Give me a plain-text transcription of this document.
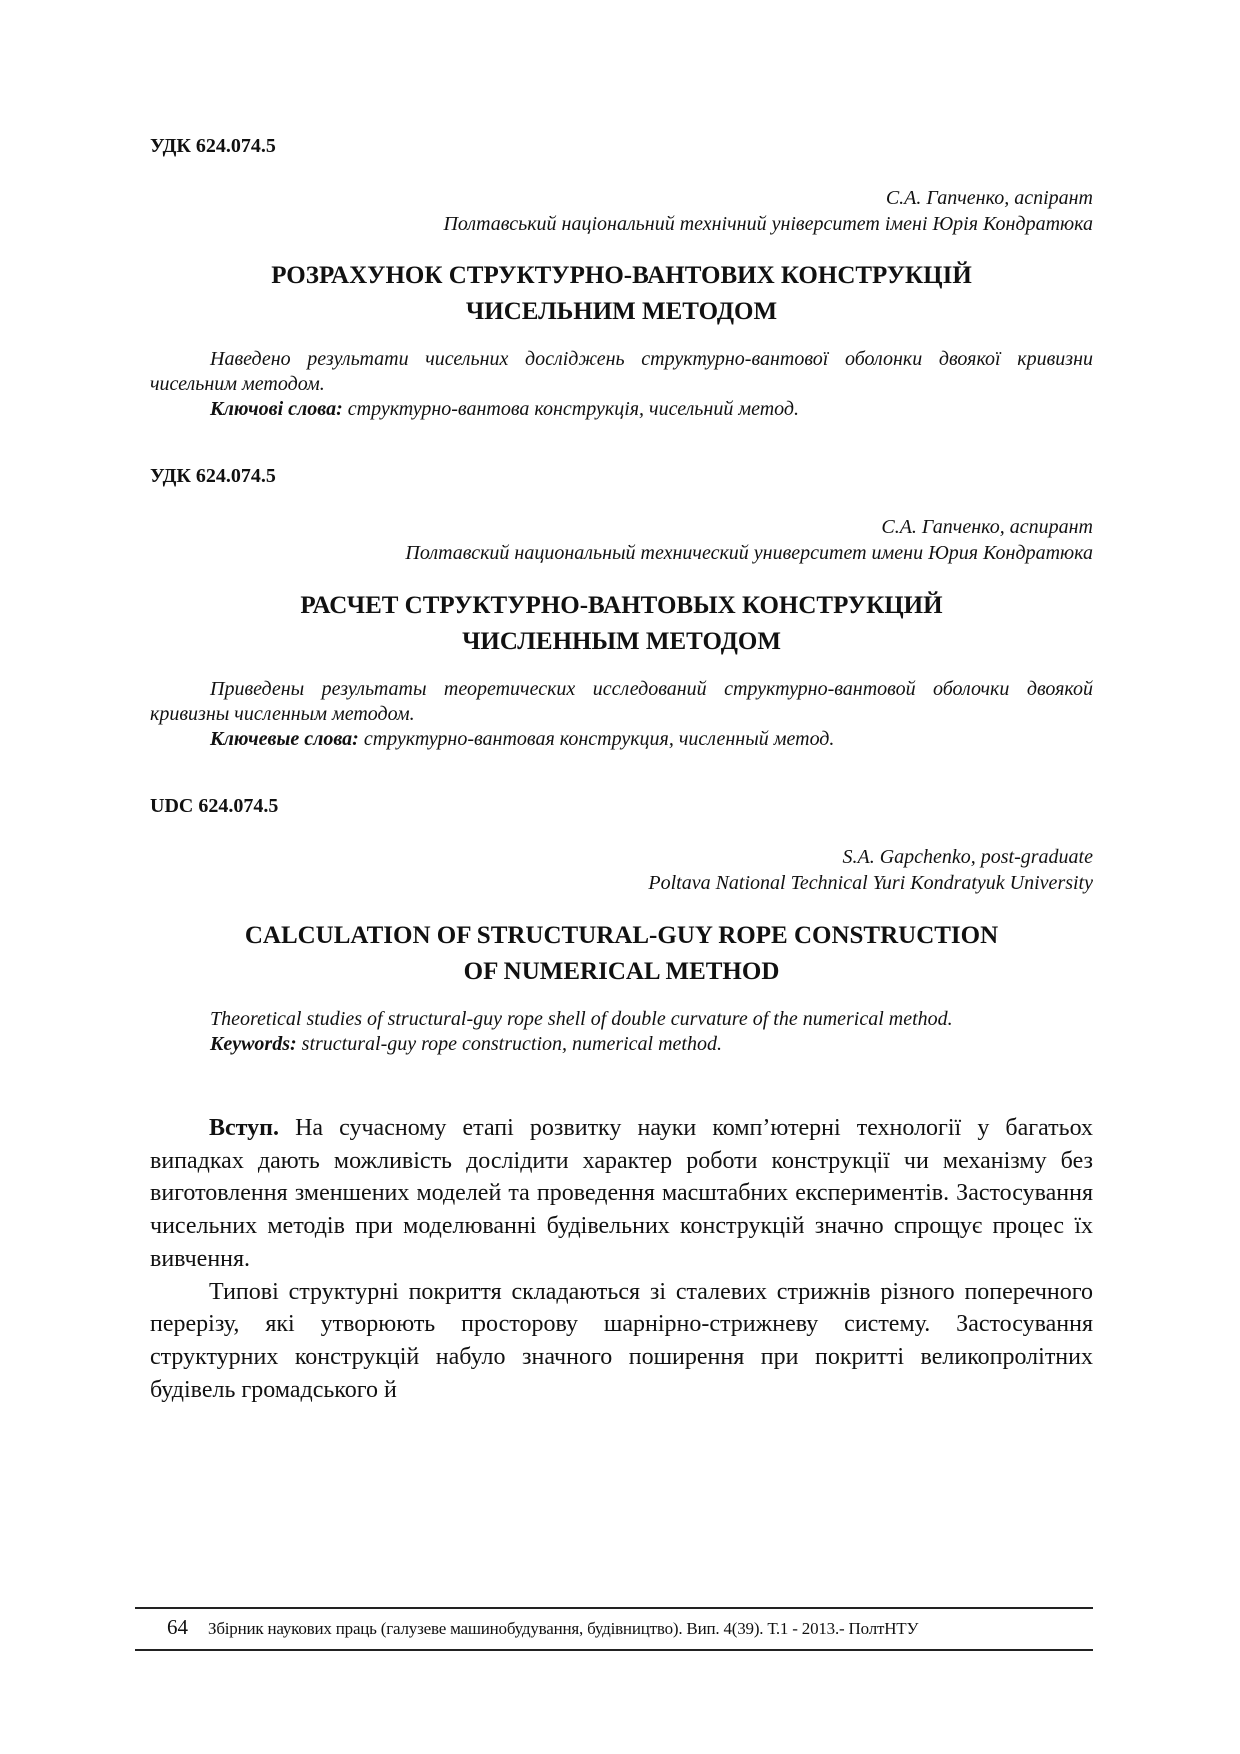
УДК 624.074.5
С.А. Гапченко, аспірант
Полтавський національний технічний університет імені Юрія Кондратюка
РОЗРАХУНОК СТРУКТУРНО-ВАНТОВИХ КОНСТРУКЦІЙ
ЧИСЕЛЬНИМ МЕТОДОМ

Наведено результати чисельних досліджень структурно-вантової оболонки двоякої кривизни чисельним методом.

Ключові слова: структурно-вантова конструкція, чисельний метод.

УДК 624.074.5
С.А. Гапченко, аспирант
Полтавский национальный технический университет имени Юрия Кондратюка
РАСЧЕТ СТРУКТУРНО-ВАНТОВЫХ КОНСТРУКЦИЙ
ЧИСЛЕННЫМ МЕТОДОМ

Приведены результаты теоретических исследований структурно-вантовой оболочки двоякой кривизны численным методом.

Ключевые слова: структурно-вантовая конструкция, численный метод.

UDC 624.074.5
S.A. Gapchenko, post-graduate
Poltava National Technical Yuri Kondratyuk University
CALCULATION OF STRUCTURAL-GUY ROPE CONSTRUCTION
OF NUMERICAL METHOD

Theoretical studies of structural-guy rope shell of double curvature of the numerical method.

Keywords: structural-guy rope construction, numerical method.

Вступ. На сучасному етапі розвитку науки комп’ютерні технології у багатьох випадках дають можливість дослідити характер роботи конструкції чи механізму без виготовлення зменшених моделей та проведення масштабних експериментів. Застосування чисельних методів при моделюванні будівельних конструкцій значно спрощує процес їх вивчення.

Типові структурні покриття складаються зі сталевих стрижнів різного поперечного перерізу, які утворюють просторову шарнірно-стрижневу систему. Застосування структурних конструкцій набуло значного поширення при покритті великопролітних будівель громадського й

64 Збірник наукових праць (галузеве машинобудування, будівництво). Вип. 4(39). Т.1 - 2013.- ПолтНТУ
